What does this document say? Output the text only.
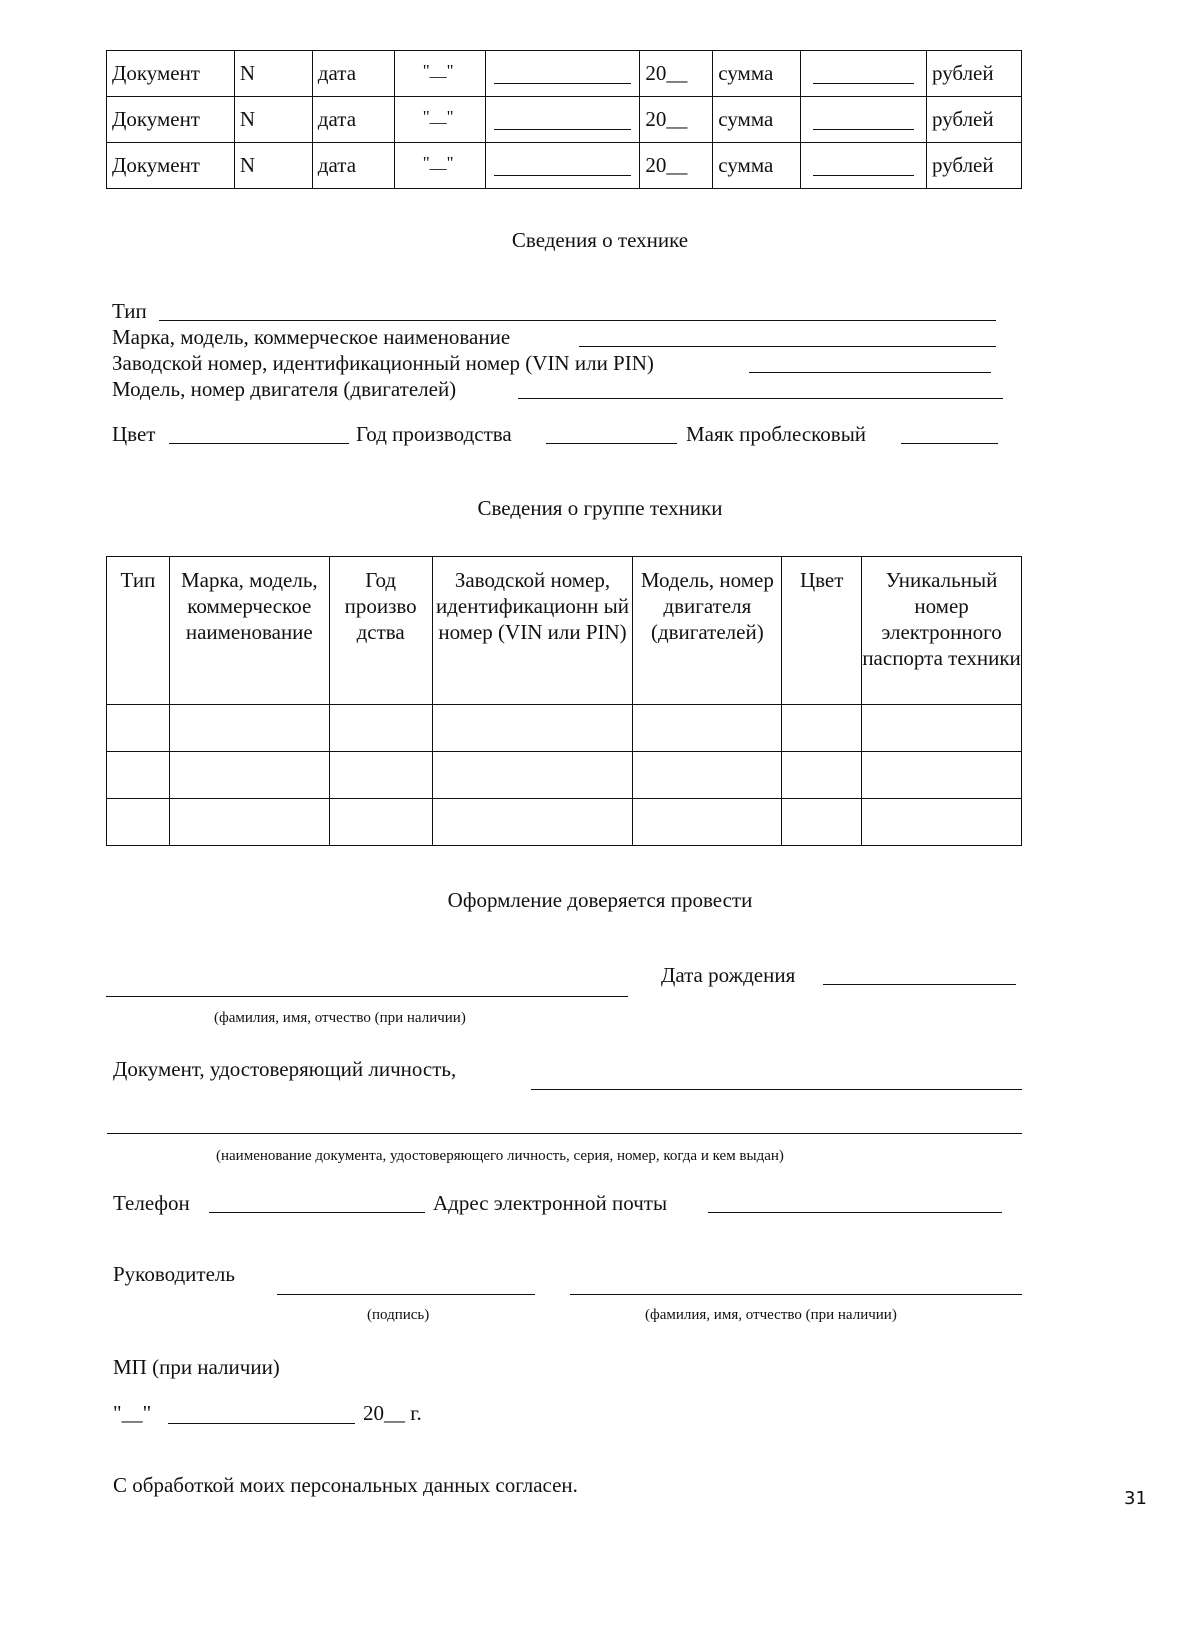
Документ	N	дата	"__"		20__	сумма		рублей
Документ	N	дата	"__"		20__	сумма		рублей
Документ	N	дата	"__"		20__	сумма		рублей
Сведения о технике
Тип
Марка, модель, коммерческое наименование
Заводской номер, идентификационный номер (VIN или PIN)
Модель, номер двигателя (двигателей)
Цвет	Год производства	Маяк проблесковый
Сведения о группе техники
Тип	Марка, модель, коммерческое наименование	Год произво дства	Заводской номер, идентификационн ый номер (VIN или PIN)	Модель, номер двигателя (двигателей)	Цвет	Уникальный номер электронного паспорта техники

Оформление доверяется провести
Дата рождения
(фамилия, имя, отчество (при наличии)
Документ, удостоверяющий личность,
(наименование документа, удостоверяющего личность, серия, номер, когда и кем выдан)
Телефон	Адрес электронной почты
Руководитель
(подпись)	(фамилия, имя, отчество (при наличии)
МП (при наличии)
"__"	20__ г.
С обработкой моих персональных данных согласен.
31
